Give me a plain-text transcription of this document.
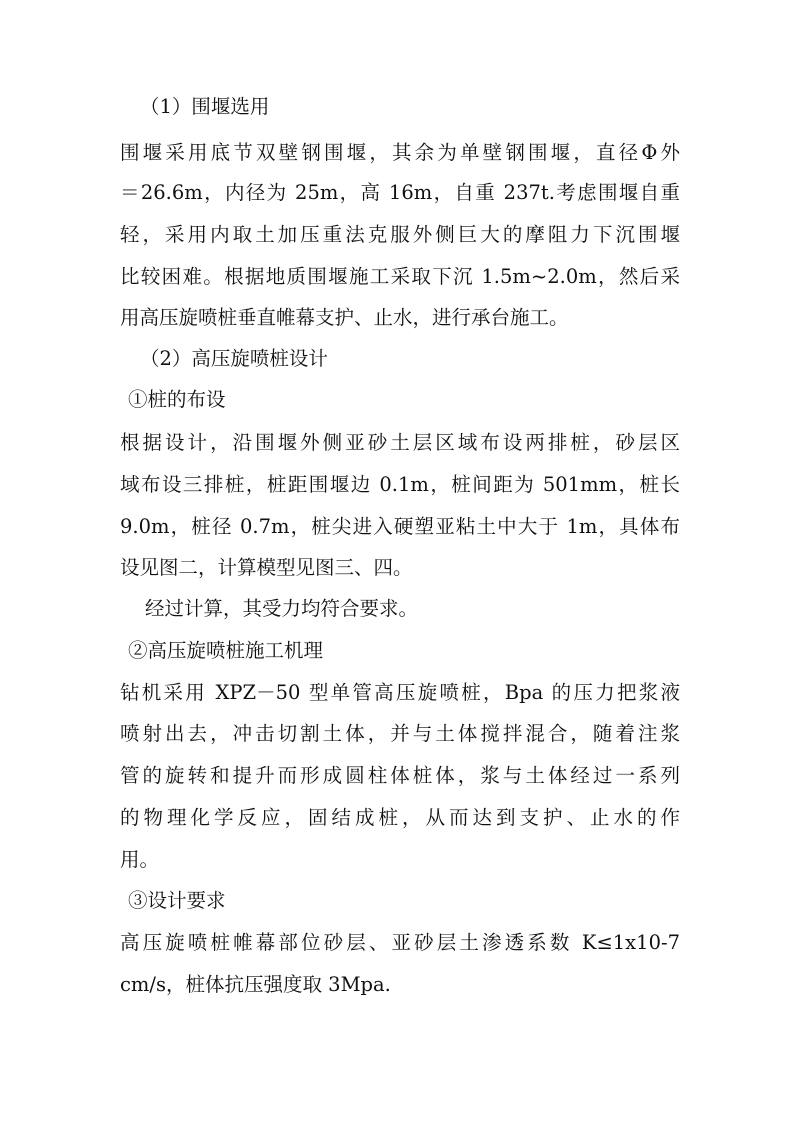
（1）围堰选用
围堰采用底节双壁钢围堰，其余为单壁钢围堰，直径Φ外
＝26.6m，内径为 25m，高 16m，自重 237t.考虑围堰自重
轻，采用内取土加压重法克服外侧巨大的摩阻力下沉围堰
比较困难。根据地质围堰施工采取下沉 1.5m~2.0m，然后采
用高压旋喷桩垂直帷幕支护、止水，进行承台施工。
（2）高压旋喷桩设计
①桩的布设
根据设计，沿围堰外侧亚砂土层区域布设两排桩，砂层区
域布设三排桩，桩距围堰边 0.1m，桩间距为 501mm，桩长
9.0m，桩径 0.7m，桩尖进入硬塑亚粘土中大于 1m，具体布
设见图二，计算模型见图三、四。
经过计算，其受力均符合要求。
②高压旋喷桩施工机理
钻机采用 XPZ－50 型单管高压旋喷桩，Bpa 的压力把浆液
喷射出去，冲击切割土体，并与土体搅拌混合，随着注浆
管的旋转和提升而形成圆柱体桩体，浆与土体经过一系列
的物理化学反应，固结成桩，从而达到支护、止水的作
用。
③设计要求
高压旋喷桩帷幕部位砂层、亚砂层土渗透系数 K≤1x10-7
cm/s，桩体抗压强度取 3Mpa.
